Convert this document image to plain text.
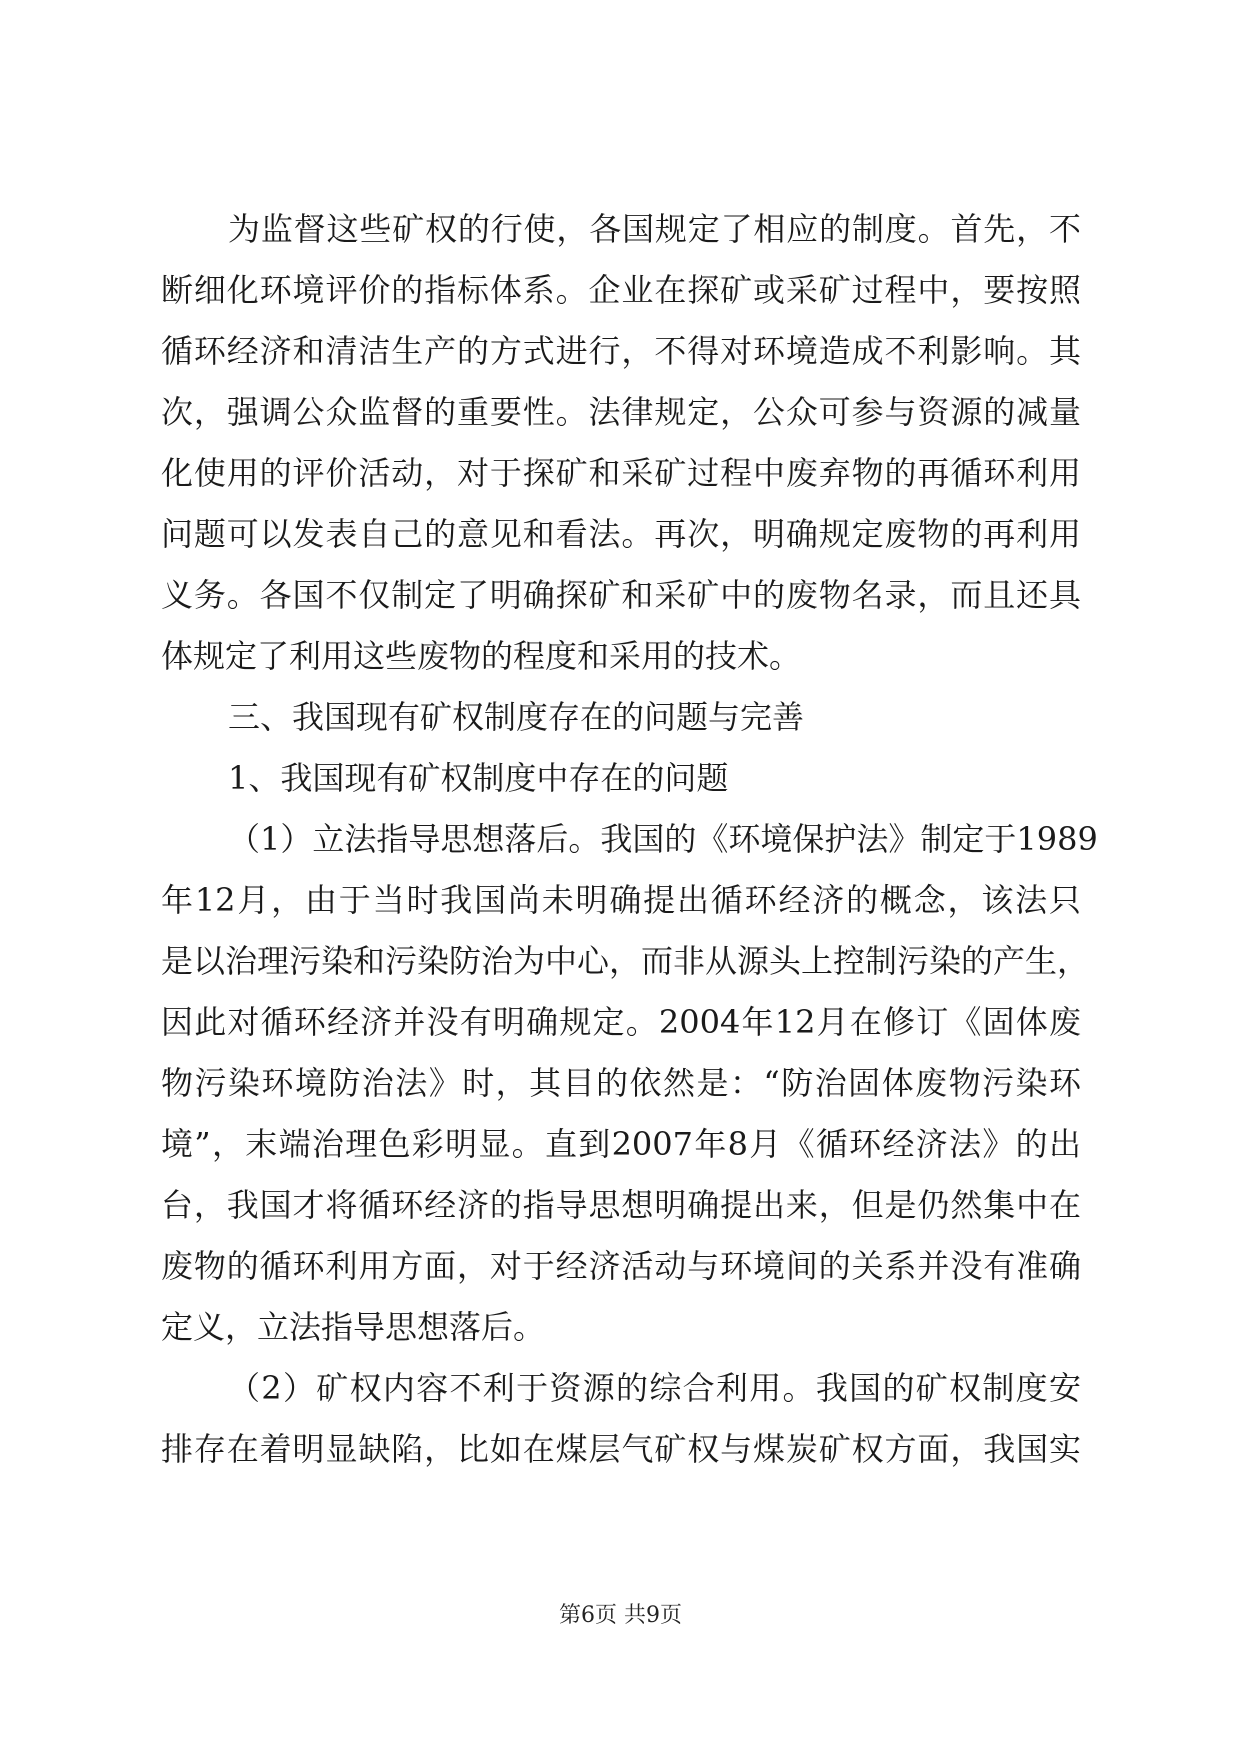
为监督这些矿权的行使，各国规定了相应的制度。首先，不
断细化环境评价的指标体系。企业在探矿或采矿过程中，要按照
循环经济和清洁生产的方式进行，不得对环境造成不利影响。其
次，强调公众监督的重要性。法律规定，公众可参与资源的减量
化使用的评价活动，对于探矿和采矿过程中废弃物的再循环利用
问题可以发表自己的意见和看法。再次，明确规定废物的再利用
义务。各国不仅制定了明确探矿和采矿中的废物名录，而且还具
体规定了利用这些废物的程度和采用的技术。
三、我国现有矿权制度存在的问题与完善
1、我国现有矿权制度中存在的问题
（1）立法指导思想落后。我国的《环境保护法》制定于1989
年12月，由于当时我国尚未明确提出循环经济的概念，该法只
是以治理污染和污染防治为中心，而非从源头上控制污染的产生，
因此对循环经济并没有明确规定。2004年12月在修订《固体废
物污染环境防治法》时，其目的依然是：“防治固体废物污染环
境”，末端治理色彩明显。直到2007年8月《循环经济法》的出
台，我国才将循环经济的指导思想明确提出来，但是仍然集中在
废物的循环利用方面，对于经济活动与环境间的关系并没有准确
定义，立法指导思想落后。
（2）矿权内容不利于资源的综合利用。我国的矿权制度安
排存在着明显缺陷，比如在煤层气矿权与煤炭矿权方面，我国实
第6页 共9页
